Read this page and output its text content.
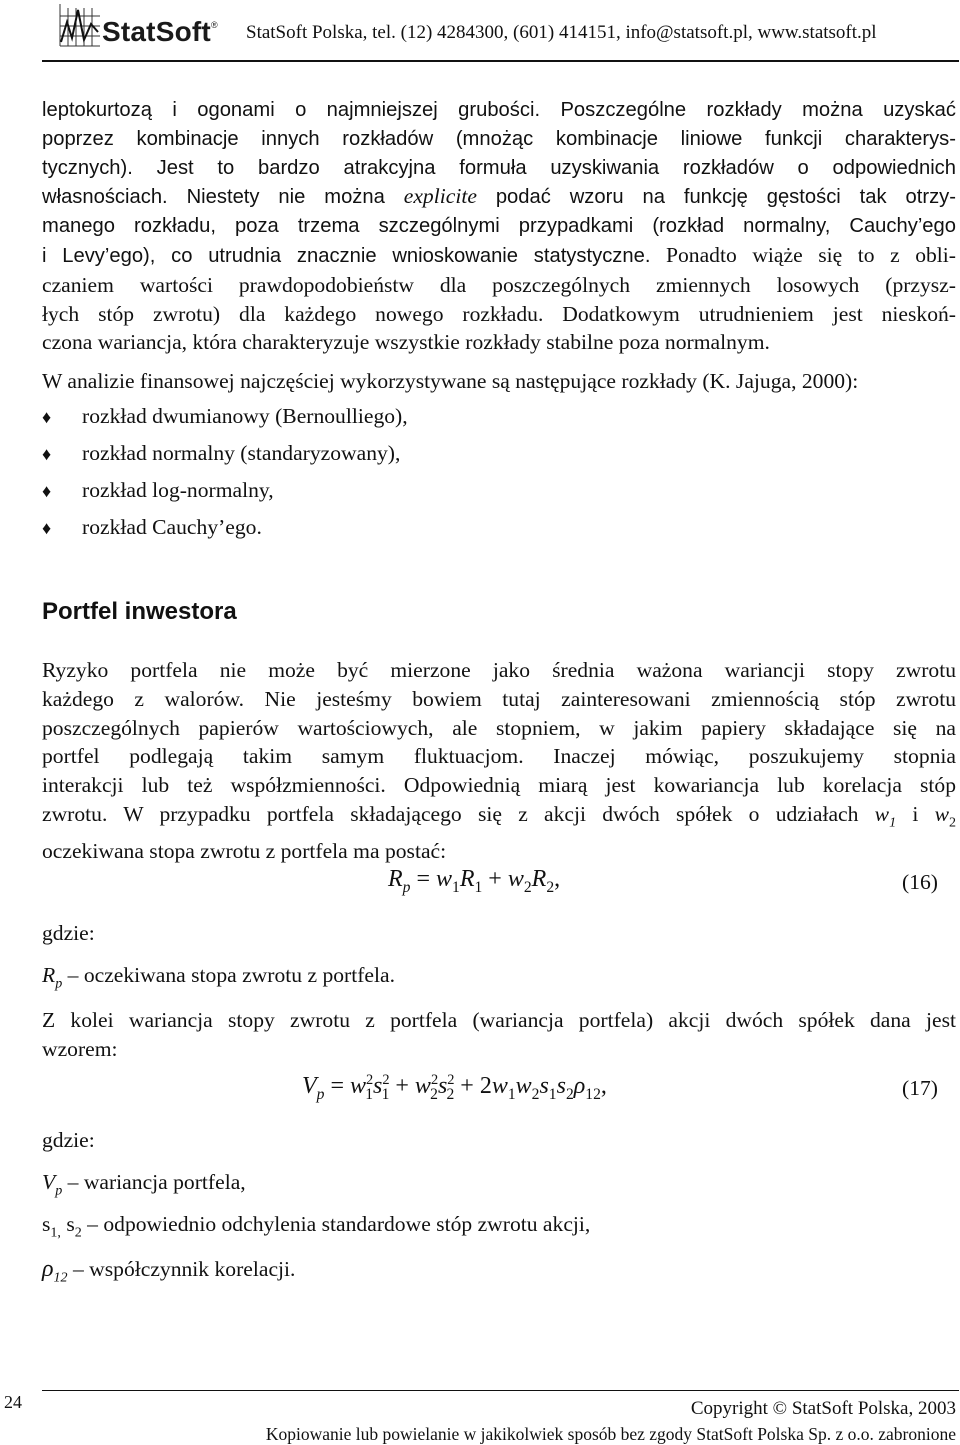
StatSoft® StatSoft Polska, tel. (12) 4284300, (601) 414151, info@statsoft.pl, www.statsoft.pl
leptokurtozą i ogonami o najmniejszej grubości. Poszczególne rozkłady można uzyskać
poprzez kombinacje innych rozkładów (mnożąc kombinacje liniowe funkcji charakterys-
tycznych). Jest to bardzo atrakcyjna formuła uzyskiwania rozkładów o odpowiednich
własnościach. Niestety nie można explicite podać wzoru na funkcję gęstości tak otrzy-
manego rozkładu, poza trzema szczególnymi przypadkami (rozkład normalny, Cauchy’ego
i Levy’ego), co utrudnia znacznie wnioskowanie statystyczne. Ponadto wiąże się to z obli-
czaniem wartości prawdopodobieństw dla poszczególnych zmiennych losowych (przysz-
łych stóp zwrotu) dla każdego nowego rozkładu. Dodatkowym utrudnieniem jest nieskoń-
czona wariancja, która charakteryzuje wszystkie rozkłady stabilne poza normalnym.
W analizie finansowej najczęściej wykorzystywane są następujące rozkłady (K. Jajuga, 2000):
♦ rozkład dwumianowy (Bernoulliego),
♦ rozkład normalny (standaryzowany),
♦ rozkład log-normalny,
♦ rozkład Cauchy’ego.
Portfel inwestora
Ryzyko portfela nie może być mierzone jako średnia ważona wariancji stopy zwrotu
każdego z walorów. Nie jesteśmy bowiem tutaj zainteresowani zmiennością stóp zwrotu
poszczególnych papierów wartościowych, ale stopniem, w jakim papiery składające się na
portfel podlegają takim samym fluktuacjom. Inaczej mówiąc, poszukujemy stopnia
interakcji lub też współzmienności. Odpowiednią miarą jest kowariancja lub korelacja stóp
zwrotu. W przypadku portfela składającego się z akcji dwóch spółek o udziałach $w_1$ i $w_2$
oczekiwana stopa zwrotu z portfela ma postać:
$R_p = w_1R_1 + w_2R_2$,	(16)
gdzie:
$R_p$ – oczekiwana stopa zwrotu z portfela.
Z kolei wariancja stopy zwrotu z portfela (wariancja portfela) akcji dwóch spółek dana jest
wzorem:
$V_p = w^2_1s^2_1 + w^2_2s^2_2 + 2w_1w_2s_1s_2\rho_{12}$,	(17)
gdzie:
$V_p$ – wariancja portfela,
$s_{1,}$ $s_2$ – odpowiednio odchylenia standardowe stóp zwrotu akcji,
$\rho_{12}$ – współczynnik korelacji.
24	Copyright © StatSoft Polska, 2003
Kopiowanie lub powielanie w jakikolwiek sposób bez zgody StatSoft Polska Sp. z o.o. zabronione
